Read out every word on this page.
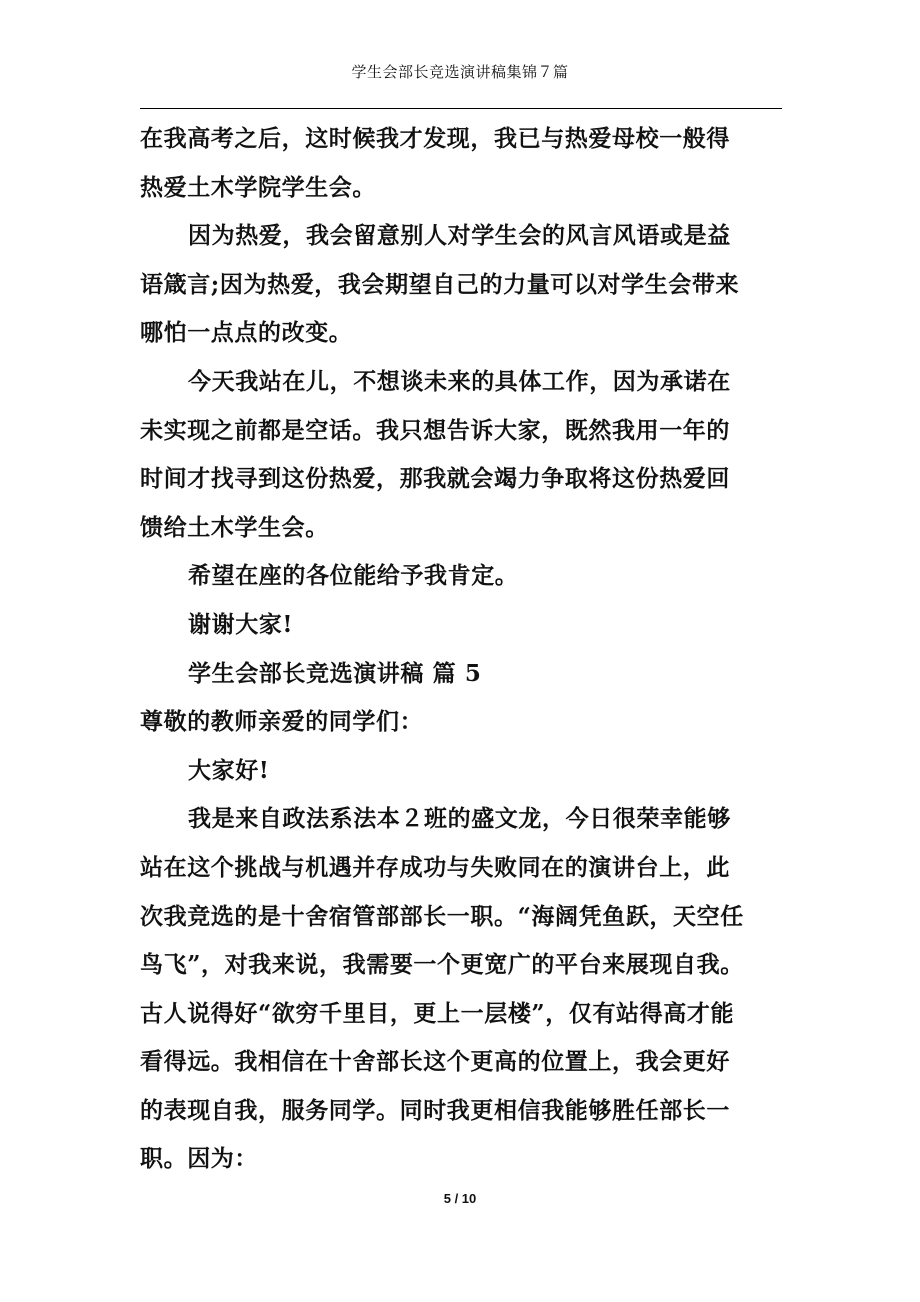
学生会部长竞选演讲稿集锦７篇
在我高考之后，这时候我才发现，我已与热爱母校一般得
热爱土木学院学生会。
因为热爱，我会留意别人对学生会的风言风语或是益
语箴言;因为热爱，我会期望自己的力量可以对学生会带来
哪怕一点点的改变。
今天我站在儿，不想谈未来的具体工作，因为承诺在
未实现之前都是空话。我只想告诉大家，既然我用一年的
时间才找寻到这份热爱，那我就会竭力争取将这份热爱回
馈给土木学生会。
希望在座的各位能给予我肯定。
谢谢大家!
学生会部长竞选演讲稿 篇 5
尊敬的教师亲爱的同学们：
大家好!
我是来自政法系法本２班的盛文龙，今日很荣幸能够
站在这个挑战与机遇并存成功与失败同在的演讲台上，此
次我竞选的是十舍宿管部部长一职。“海阔凭鱼跃，天空任
鸟飞”，对我来说，我需要一个更宽广的平台来展现自我。
古人说得好“欲穷千里目，更上一层楼”，仅有站得高才能
看得远。我相信在十舍部长这个更高的位置上，我会更好
的表现自我，服务同学。同时我更相信我能够胜任部长一
职。因为：
5 / 10
